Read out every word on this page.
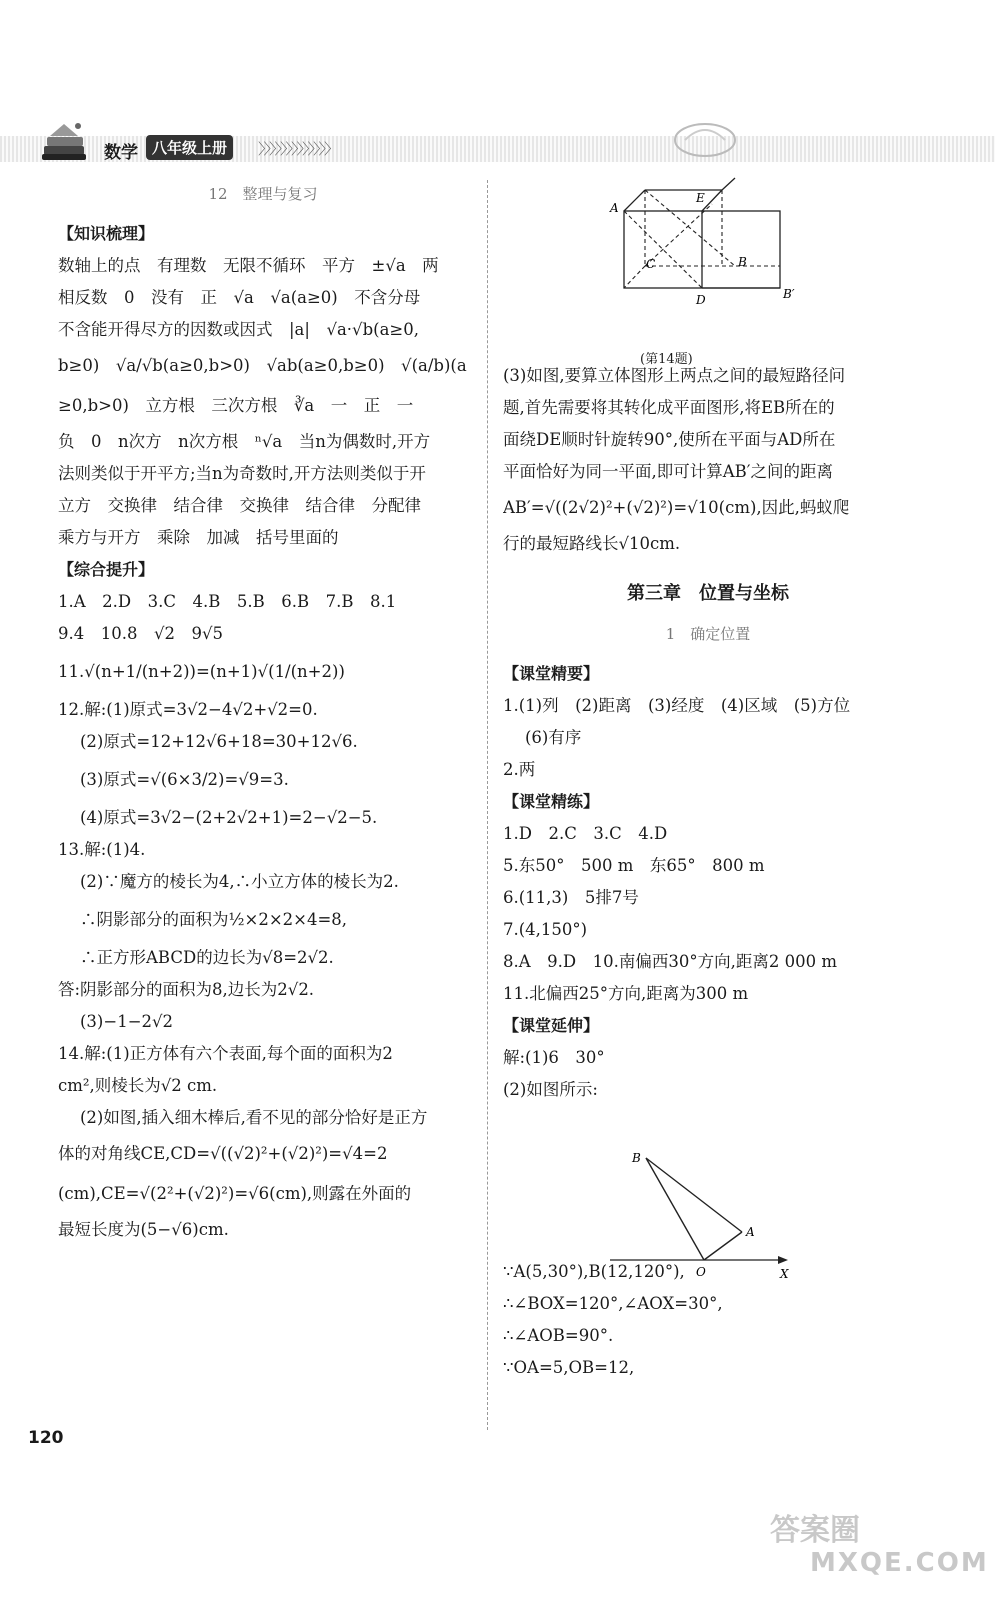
数学 八年级上册	〉〉〉〉〉〉〉〉〉〉〉〉〉
12　整理与复习
【知识梳理】
数轴上的点　有理数　无限不循环　平方　±√a　两
相反数　0　没有　正　√a　√a(a≥0)　不含分母
不含能开得尽方的因数或因式　|a|　√a·√b(a≥0,
b≥0)　√a/√b(a≥0,b>0)　√ab(a≥0,b≥0)　√(a/b)(a
≥0,b>0)　立方根　三次方根　∛a　一　正　一
负　0　n次方　n次方根　ⁿ√a　当n为偶数时,开方
法则类似于开平方;当n为奇数时,开方法则类似于开
立方　交换律　结合律　交换律　结合律　分配律
乘方与开方　乘除　加减　括号里面的
【综合提升】
1.A　2.D　3.C　4.B　5.B　6.B　7.B　8.1
9.4　10.8　√2　9√5
11.√(n+1/(n+2))=(n+1)√(1/(n+2))
12.解:(1)原式=3√2−4√2+√2=0.
(2)原式=12+12√6+18=30+12√6.
(3)原式=√(6×3/2)=√9=3.
(4)原式=3√2−(2+2√2+1)=2−√2−5.
13.解:(1)4.
(2)∵魔方的棱长为4,∴小立方体的棱长为2.
∴阴影部分的面积为½×2×2×4=8,
∴正方形ABCD的边长为√8=2√2.
答:阴影部分的面积为8,边长为2√2.
(3)−1−2√2
14.解:(1)正方体有六个表面,每个面的面积为2
cm²,则棱长为√2 cm.
(2)如图,插入细木棒后,看不见的部分恰好是正方
体的对角线CE,CD=√((√2)²+(√2)²)=√4=2
(cm),CE=√(2²+(√2)²)=√6(cm),则露在外面的
最短长度为(5−√6)cm.
A
E
C	B
D	B′
(第14题)
(3)如图,要算立体图形上两点之间的最短路径问
题,首先需要将其转化成平面图形,将EB所在的
面绕DE顺时针旋转90°,使所在平面与AD所在
平面恰好为同一平面,即可计算AB′之间的距离
AB′=√((2√2)²+(√2)²)=√10(cm),因此,蚂蚁爬
行的最短路线长√10cm.
第三章　位置与坐标
1　确定位置
【课堂精要】
1.(1)列　(2)距离　(3)经度　(4)区域　(5)方位
(6)有序
2.两
【课堂精练】
1.D　2.C　3.C　4.D
5.东50°　500 m　东65°　800 m
6.(11,3)　5排7号
7.(4,150°)
8.A　9.D　10.南偏西30°方向,距离2 000 m
11.北偏西25°方向,距离为300 m
【课堂延伸】
解:(1)6　30°
(2)如图所示:
∵A(5,30°),B(12,120°),
∴∠BOX=120°,∠AOX=30°,
∴∠AOB=90°.
∵OA=5,OB=12,
B
A
O	X
120
答案圈
MXQE.COM
